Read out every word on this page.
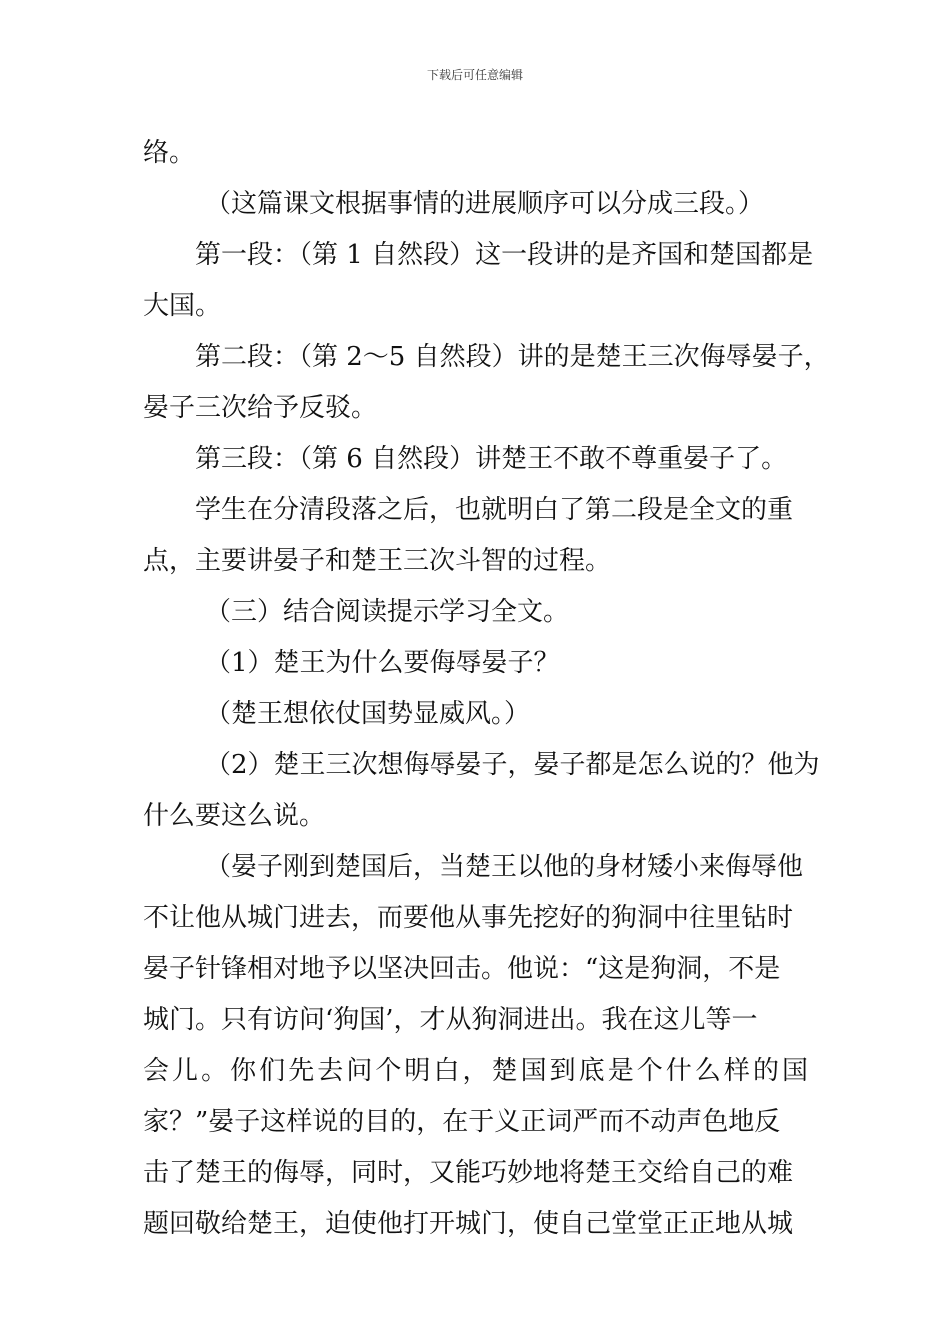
下载后可任意编辑
络。
（这篇课文根据事情的进展顺序可以分成三段。）
第一段：（第 1 自然段）这一段讲的是齐国和楚国都是
大国。
第二段：（第 2～5 自然段）讲的是楚王三次侮辱晏子，
晏子三次给予反驳。
第三段：（第 6 自然段）讲楚王不敢不尊重晏子了。
学生在分清段落之后，也就明白了第二段是全文的重
点，主要讲晏子和楚王三次斗智的过程。
（三）结合阅读提示学习全文。
（1）楚王为什么要侮辱晏子？
（楚王想依仗国势显威风。）
（2）楚王三次想侮辱晏子，晏子都是怎么说的？他为
什么要这么说。
（晏子刚到楚国后，当楚王以他的身材矮小来侮辱他
不让他从城门进去，而要他从事先挖好的狗洞中往里钻时
晏子针锋相对地予以坚决回击。他说：“这是狗洞，不是
城门。只有访问‘狗国’，才从狗洞进出。我在这儿等一
会儿。你们先去问个明白，楚国到底是个什么样的国
家？”晏子这样说的目的，在于义正词严而不动声色地反
击了楚王的侮辱，同时，又能巧妙地将楚王交给自己的难
题回敬给楚王，迫使他打开城门，使自己堂堂正正地从城
